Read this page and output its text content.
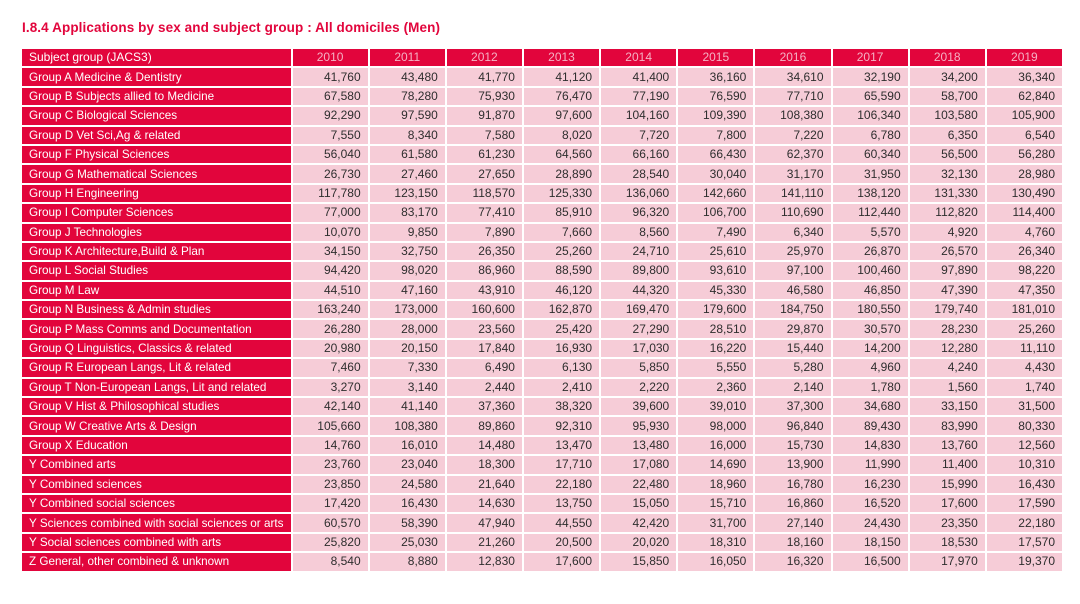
I.8.4 Applications by sex and subject group : All domiciles (Men)
Subject group (JACS3)	2010	2011	2012	2013	2014	2015	2016	2017	2018	2019
Group A Medicine & Dentistry	41,760	43,480	41,770	41,120	41,400	36,160	34,610	32,190	34,200	36,340
Group B Subjects allied to Medicine	67,580	78,280	75,930	76,470	77,190	76,590	77,710	65,590	58,700	62,840
Group C Biological Sciences	92,290	97,590	91,870	97,600	104,160	109,390	108,380	106,340	103,580	105,900
Group D Vet Sci,Ag & related	7,550	8,340	7,580	8,020	7,720	7,800	7,220	6,780	6,350	6,540
Group F Physical Sciences	56,040	61,580	61,230	64,560	66,160	66,430	62,370	60,340	56,500	56,280
Group G Mathematical Sciences	26,730	27,460	27,650	28,890	28,540	30,040	31,170	31,950	32,130	28,980
Group H Engineering	117,780	123,150	118,570	125,330	136,060	142,660	141,110	138,120	131,330	130,490
Group I Computer Sciences	77,000	83,170	77,410	85,910	96,320	106,700	110,690	112,440	112,820	114,400
Group J Technologies	10,070	9,850	7,890	7,660	8,560	7,490	6,340	5,570	4,920	4,760
Group K Architecture,Build & Plan	34,150	32,750	26,350	25,260	24,710	25,610	25,970	26,870	26,570	26,340
Group L Social Studies	94,420	98,020	86,960	88,590	89,800	93,610	97,100	100,460	97,890	98,220
Group M Law	44,510	47,160	43,910	46,120	44,320	45,330	46,580	46,850	47,390	47,350
Group N Business & Admin studies	163,240	173,000	160,600	162,870	169,470	179,600	184,750	180,550	179,740	181,010
Group P Mass Comms and Documentation	26,280	28,000	23,560	25,420	27,290	28,510	29,870	30,570	28,230	25,260
Group Q Linguistics, Classics & related	20,980	20,150	17,840	16,930	17,030	16,220	15,440	14,200	12,280	11,110
Group R European Langs, Lit & related	7,460	7,330	6,490	6,130	5,850	5,550	5,280	4,960	4,240	4,430
Group T Non-European Langs, Lit and related	3,270	3,140	2,440	2,410	2,220	2,360	2,140	1,780	1,560	1,740
Group V Hist & Philosophical studies	42,140	41,140	37,360	38,320	39,600	39,010	37,300	34,680	33,150	31,500
Group W Creative Arts & Design	105,660	108,380	89,860	92,310	95,930	98,000	96,840	89,430	83,990	80,330
Group X Education	14,760	16,010	14,480	13,470	13,480	16,000	15,730	14,830	13,760	12,560
Y Combined arts	23,760	23,040	18,300	17,710	17,080	14,690	13,900	11,990	11,400	10,310
Y Combined sciences	23,850	24,580	21,640	22,180	22,480	18,960	16,780	16,230	15,990	16,430
Y Combined social sciences	17,420	16,430	14,630	13,750	15,050	15,710	16,860	16,520	17,600	17,590
Y Sciences combined with social sciences or arts	60,570	58,390	47,940	44,550	42,420	31,700	27,140	24,430	23,350	22,180
Y Social sciences combined with arts	25,820	25,030	21,260	20,500	20,020	18,310	18,160	18,150	18,530	17,570
Z General, other combined & unknown	8,540	8,880	12,830	17,600	15,850	16,050	16,320	16,500	17,970	19,370
